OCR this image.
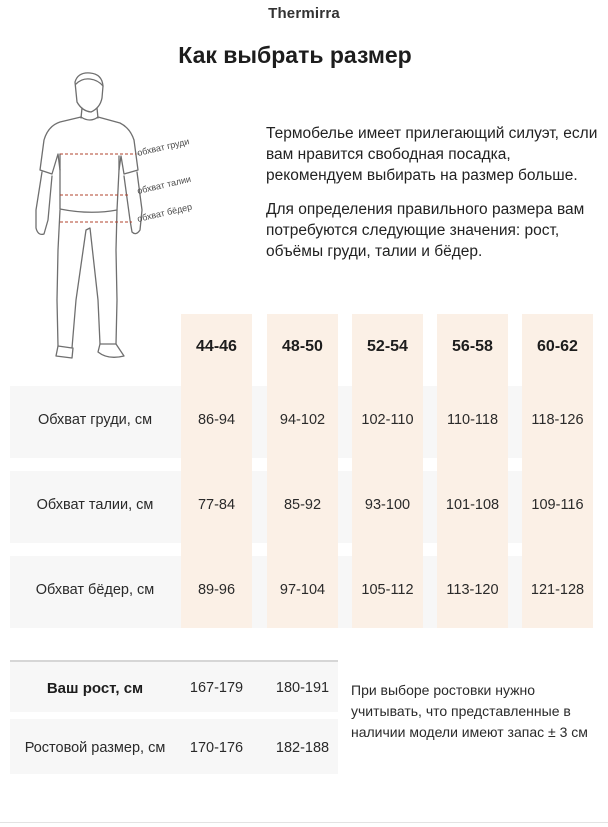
Thermirra
Как выбрать размер
обхват груди
обхват талии
обхват бёдер

Термобелье имеет прилегающий силуэт, если вам нравится свободная посадка, рекомендуем выбирать на размер больше.

Для определения правильного размера вам потребуются следующие значения: рост, объёмы груди, талии и бёдер.

44-46	48-50	52-54	56-58	60-62
Обхват груди, см	86-94	94-102	102-110	110-118	118-126
Обхват талии, см	77-84	85-92	93-100	101-108	109-116
Обхват бёдер, см	89-96	97-104	105-112	113-120	121-128
Ваш рост, см	167-179	180-191
Ростовой размер, см	170-176	182-188
При выборе ростовки нужно учитывать, что представленные в наличии модели имеют запас ± 3 см
